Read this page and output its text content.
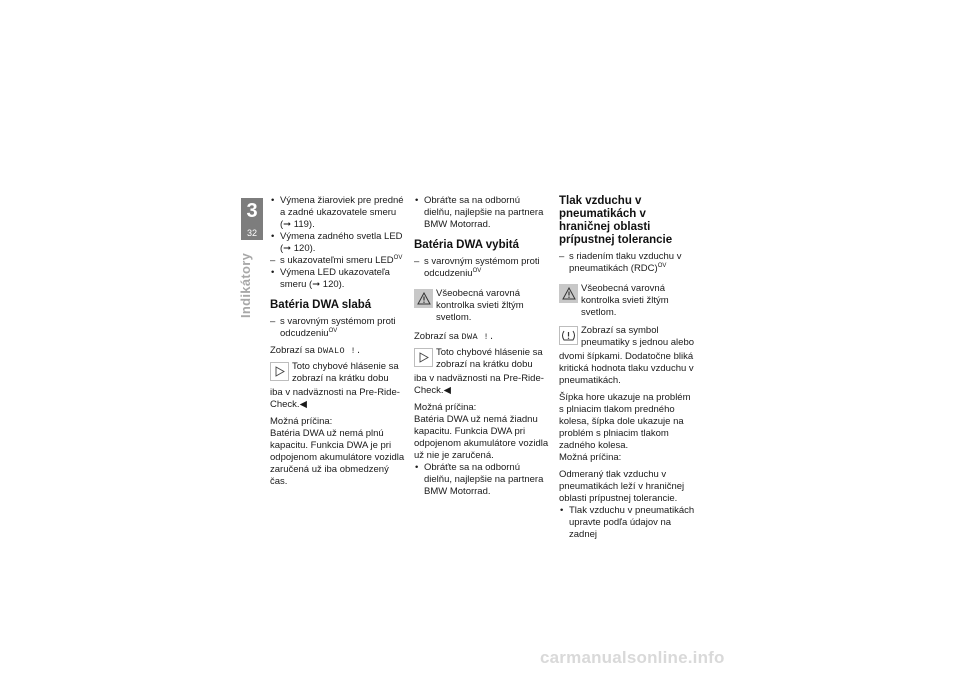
3
32
Indikátory

• Výmena žiaroviek pre predné a zadné ukazovatele smeru (➞ 119).

• Výmena zadného svetla LED (➞ 120).

– s ukazovateľmi smeru $LED^{OV}$

• Výmena LED ukazovateľa smeru (➞ 120).

Batéria DWA slabá

– s varovným systémom proti odcudzeniu$^{OV}$

Zobrazí sa DWALO !.

Toto chybové hlásenie sa zobrazí na krátku dobu

iba v nadväznosti na Pre-Ride-Check.◀

Možná príčina:

Batéria DWA už nemá plnú kapacitu. Funkcia DWA je pri odpojenom akumulátore vozidla zaručená už iba obmedzený čas.

• Obráťte sa na odbornú dielňu, najlepšie na partnera BMW Motorrad.

Batéria DWA vybitá

– s varovným systémom proti odcudzeniu$^{OV}$

Všeobecná varovná kontrolka svieti žltým svetlom.

Zobrazí sa DWA !.

Toto chybové hlásenie sa zobrazí na krátku dobu

iba v nadväznosti na Pre-Ride-Check.◀

Možná príčina:

Batéria DWA už nemá žiadnu kapacitu. Funkcia DWA pri odpojenom akumulátore vozidla už nie je zaručená.

• Obráťte sa na odbornú dielňu, najlepšie na partnera BMW Motorrad.

Tlak vzduchu v pneumatikách v hraničnej oblasti prípustnej tolerancie

– s riadením tlaku vzduchu v pneumatikách (RDC)$^{OV}$

Všeobecná varovná kontrolka svieti žltým svetlom.
Zobrazí sa symbol pneumatiky s jednou alebo

dvomi šípkami. Dodatočne bliká kritická hodnota tlaku vzduchu v pneumatikách.

Šípka hore ukazuje na problém s plniacim tlakom predného kolesa, šípka dole ukazuje na problém s plniacim tlakom zadného kolesa.

Možná príčina:

Odmeraný tlak vzduchu v pneumatikách leží v hraničnej oblasti prípustnej tolerancie.

• Tlak vzduchu v pneumatikách upravte podľa údajov na zadnej

carmanualsonline.info
